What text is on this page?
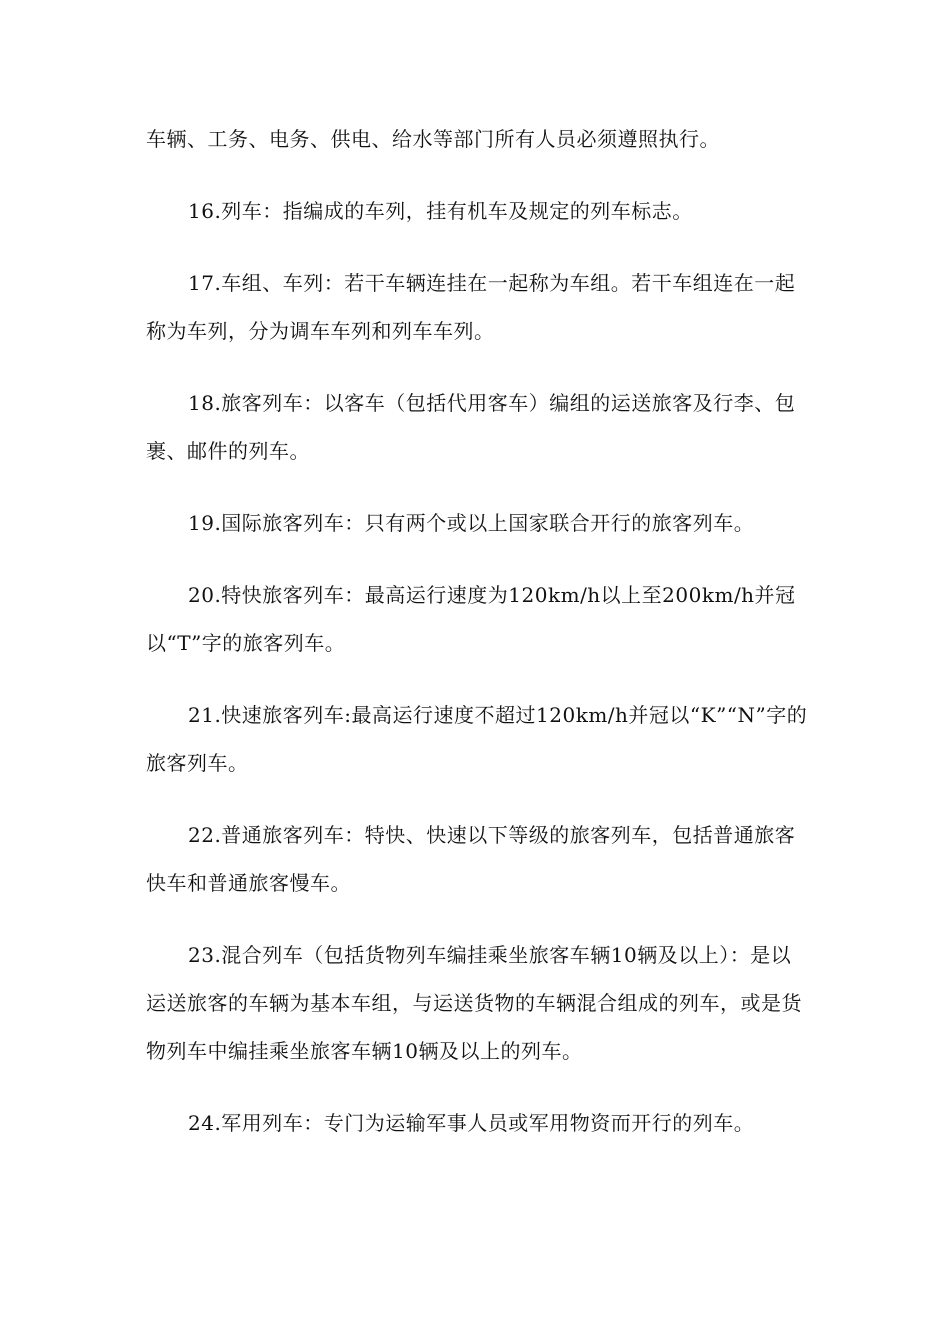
车辆、工务、电务、供电、给水等部门所有人员必须遵照执行。

16.列车：指编成的车列，挂有机车及规定的列车标志。

17.车组、车列：若干车辆连挂在一起称为车组。若干车组连在一起称为车列，分为调车车列和列车车列。

18.旅客列车：以客车（包括代用客车）编组的运送旅客及行李、包裹、邮件的列车。

19.国际旅客列车：只有两个或以上国家联合开行的旅客列车。

20.特快旅客列车：最高运行速度为120km/h以上至200km/h并冠以“T”字的旅客列车。

21.快速旅客列车:最高运行速度不超过120km/h并冠以“K”“N”字的旅客列车。

22.普通旅客列车：特快、快速以下等级的旅客列车，包括普通旅客快车和普通旅客慢车。

23.混合列车（包括货物列车编挂乘坐旅客车辆10辆及以上）：是以运送旅客的车辆为基本车组，与运送货物的车辆混合组成的列车，或是货物列车中编挂乘坐旅客车辆10辆及以上的列车。

24.军用列车：专门为运输军事人员或军用物资而开行的列车。
